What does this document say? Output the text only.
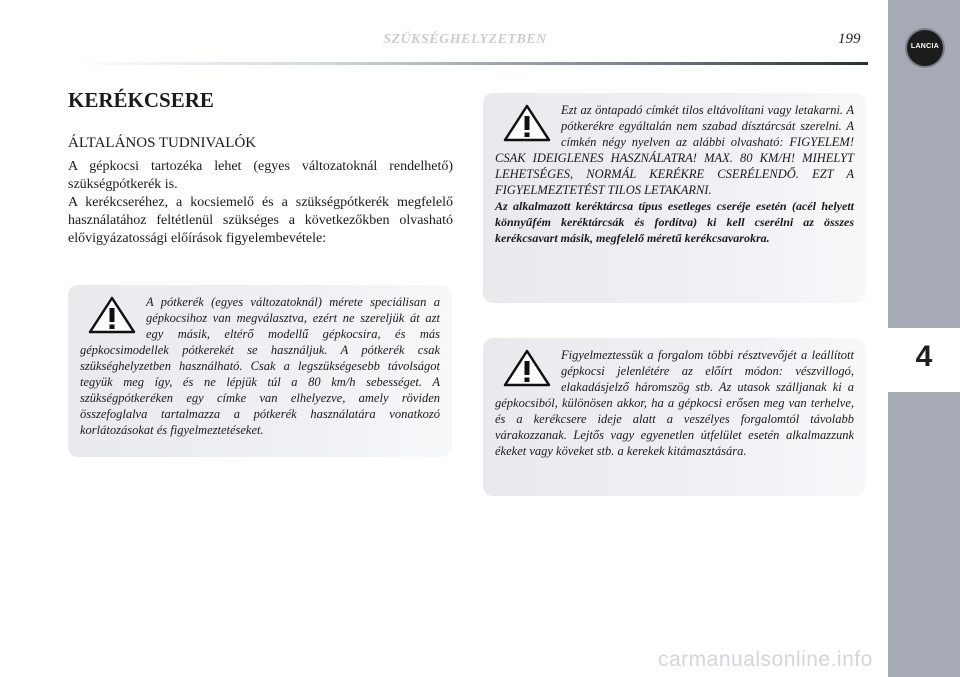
SZÜKSÉGHELYZETBEN	199	LANCIA
4
KERÉKCSERE
ÁLTALÁNOS TUDNIVALÓK
A gépkocsi tartozéka lehet (egyes változatoknál rendelhető) szükségpótkerék is.
A kerékcseréhez, a kocsiemelő és a szükségpótkerék megfelelő használatához feltétlenül szükséges a következőkben olvasható elővigyázatossági előírások figyelembevétele:

A pótkerék (egyes változatoknál) mérete speciálisan a gépkocsihoz van megválasztva, ezért ne szereljük át azt egy másik, eltérő modellű gépkocsira, és más gépkocsimodellek pótkerekét se használjuk. A pótkerék csak szükséghelyzetben használható. Csak a legszükségesebb távolságot tegyük meg így, és ne lépjük túl a 80 km/h sebességet. A szükségpótkeréken egy címke van elhelyezve, amely röviden összefoglalva tartalmazza a pótkerék használatára vonatkozó korlátozásokat és figyelmeztetéseket.

Ezt az öntapadó címkét tilos eltávolítani vagy letakarni. A pótkerékre egyáltalán nem szabad dísztárcsát szerelni. A címkén négy nyelven az alábbi olvasható: FIGYELEM! CSAK IDEIGLENES HASZNÁLATRA! MAX. 80 KM/H! MIHELYT LEHETSÉGES, NORMÁL KERÉKRE CSERÉLENDŐ. EZT A FIGYELMEZTETÉST TILOS LETAKARNI.

Az alkalmazott keréktárcsa típus esetleges cseréje esetén (acél helyett könnyűfém keréktárcsák és fordítva) ki kell cserélni az összes kerékcsavart másik, megfelelő méretű kerékcsavarokra.

Figyelmeztessük a forgalom többi résztvevőjét a leállított gépkocsi jelenlétére az előírt módon: vészvillogó, elakadásjelző háromszög stb. Az utasok szálljanak ki a gépkocsiból, különösen akkor, ha a gépkocsi erősen meg van terhelve, és a kerékcsere ideje alatt a veszélyes forgalomtól távolabb várakozzanak. Lejtős vagy egyenetlen útfelület esetén alkalmazzunk ékeket vagy köveket stb. a kerekek kitámasztására.

carmanualsonline.info
